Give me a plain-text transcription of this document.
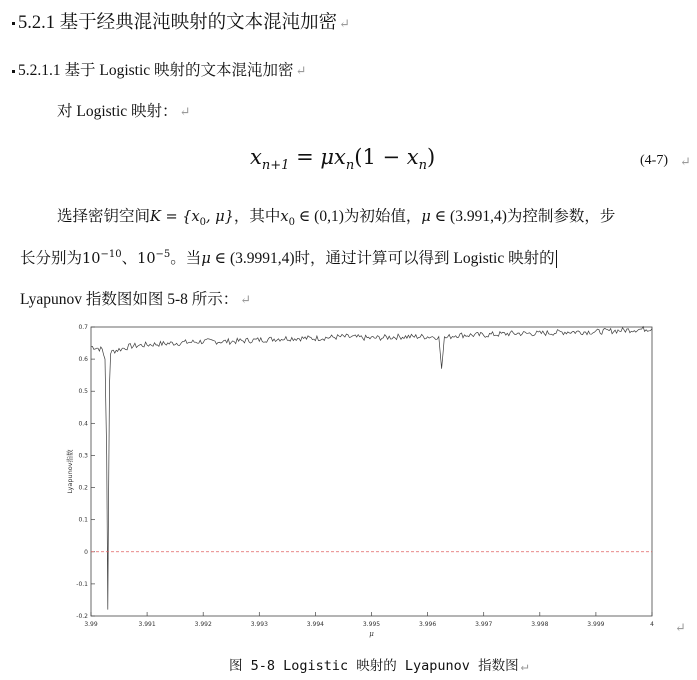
5.2.1 基于经典混沌映射的文本混沌加密 ↵
5.2.1.1 基于 Logistic 映射的文本混沌加密 ↵
对 Logistic 映射： ↵
$x_{n+1} = \mu x_n(1 - x_n)$	(4-7) ↵
选择密钥空间$K = \{x_0$, μ}，其中$x_0$ ∈ (0,1)为初始值，μ ∈ (3.991,4)为控制参数，步
长分别为$10^{-10}$、$10^{-5}$。当μ ∈ (3.9991,4)时，通过计算可以得到 Logistic 映射的
Lyapunov 指数图如图 5-8 所示： ↵
3.99	3.991	3.992	3.993	3.994	3.995	3.996	3.997	3.998	3.999	4
-0.2
-0.1
0
0.1
0.2
0.3
0.4
0.5
0.6
0.7
μ
Lyapunov指数
↵
图 5-8 Logistic 映射的 Lyapunov 指数图 ↵
